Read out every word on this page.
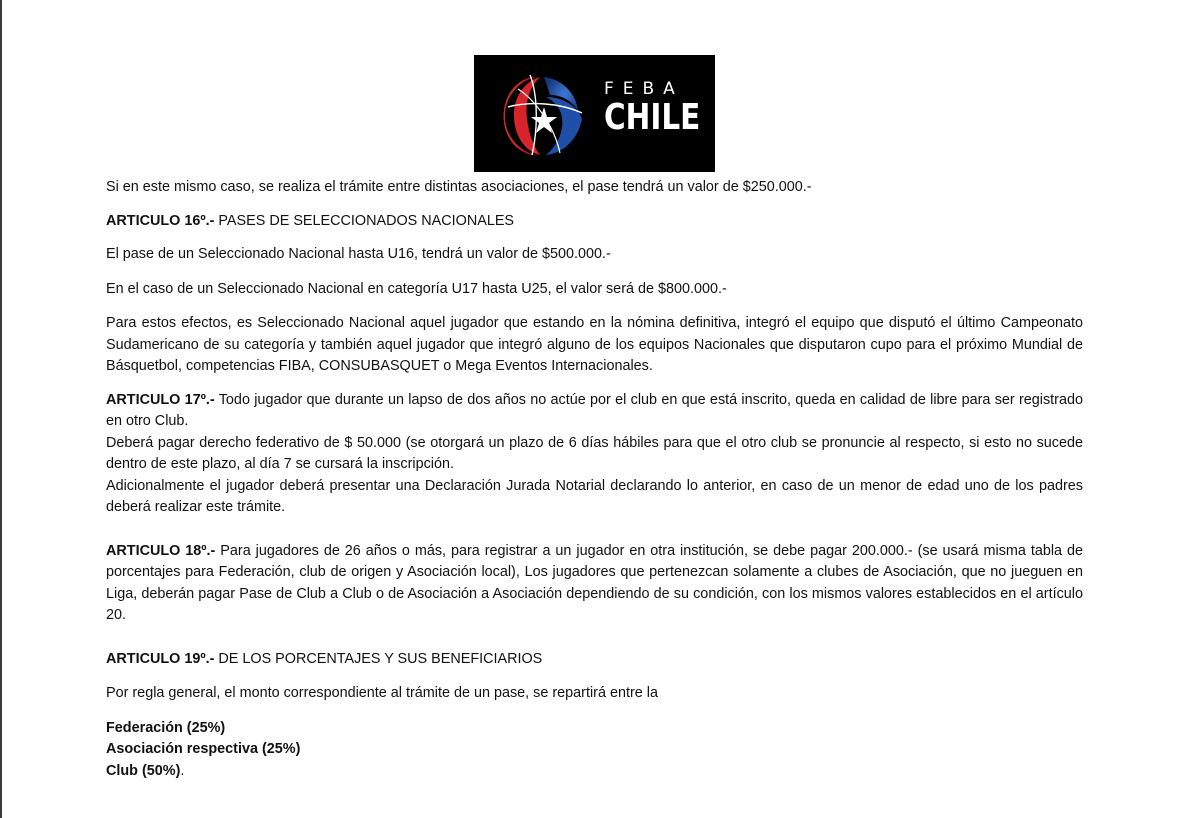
FEBA
CHILE

Si en este mismo caso, se realiza el trámite entre distintas asociaciones, el pase tendrá un valor de $250.000.-

ARTICULO 16º.- PASES DE SELECCIONADOS NACIONALES

El pase de un Seleccionado Nacional hasta U16, tendrá un valor de $500.000.-

En el caso de un Seleccionado Nacional en categoría U17 hasta U25, el valor será de $800.000.-

Para estos efectos, es Seleccionado Nacional aquel jugador que estando en la nómina definitiva, integró el equipo que disputó el último Campeonato Sudamericano de su categoría y también aquel jugador que integró alguno de los equipos Nacionales que disputaron cupo para el próximo Mundial de Básquetbol, competencias FIBA, CONSUBASQUET o Mega Eventos Internacionales.

ARTICULO 17º.- Todo jugador que durante un lapso de dos años no actúe por el club en que está inscrito, queda en calidad de libre para ser registrado en otro Club.

Deberá pagar derecho federativo de $ 50.000 (se otorgará un plazo de 6 días hábiles para que el otro club se pronuncie al respecto, si esto no sucede dentro de este plazo, al día 7 se cursará la inscripción.

Adicionalmente el jugador deberá presentar una Declaración Jurada Notarial declarando lo anterior, en caso de un menor de edad uno de los padres deberá realizar este trámite.

ARTICULO 18º.- Para jugadores de 26 años o más, para registrar a un jugador en otra institución, se debe pagar 200.000.- (se usará misma tabla de porcentajes para Federación, club de origen y Asociación local), Los jugadores que pertenezcan solamente a clubes de Asociación, que no jueguen en Liga, deberán pagar Pase de Club a Club o de Asociación a Asociación dependiendo de su condición, con los mismos valores establecidos en el artículo 20.

ARTICULO 19º.- DE LOS PORCENTAJES Y SUS BENEFICIARIOS

Por regla general, el monto correspondiente al trámite de un pase, se repartirá entre la

Federación (25%)

Asociación respectiva (25%)

Club (50%).
